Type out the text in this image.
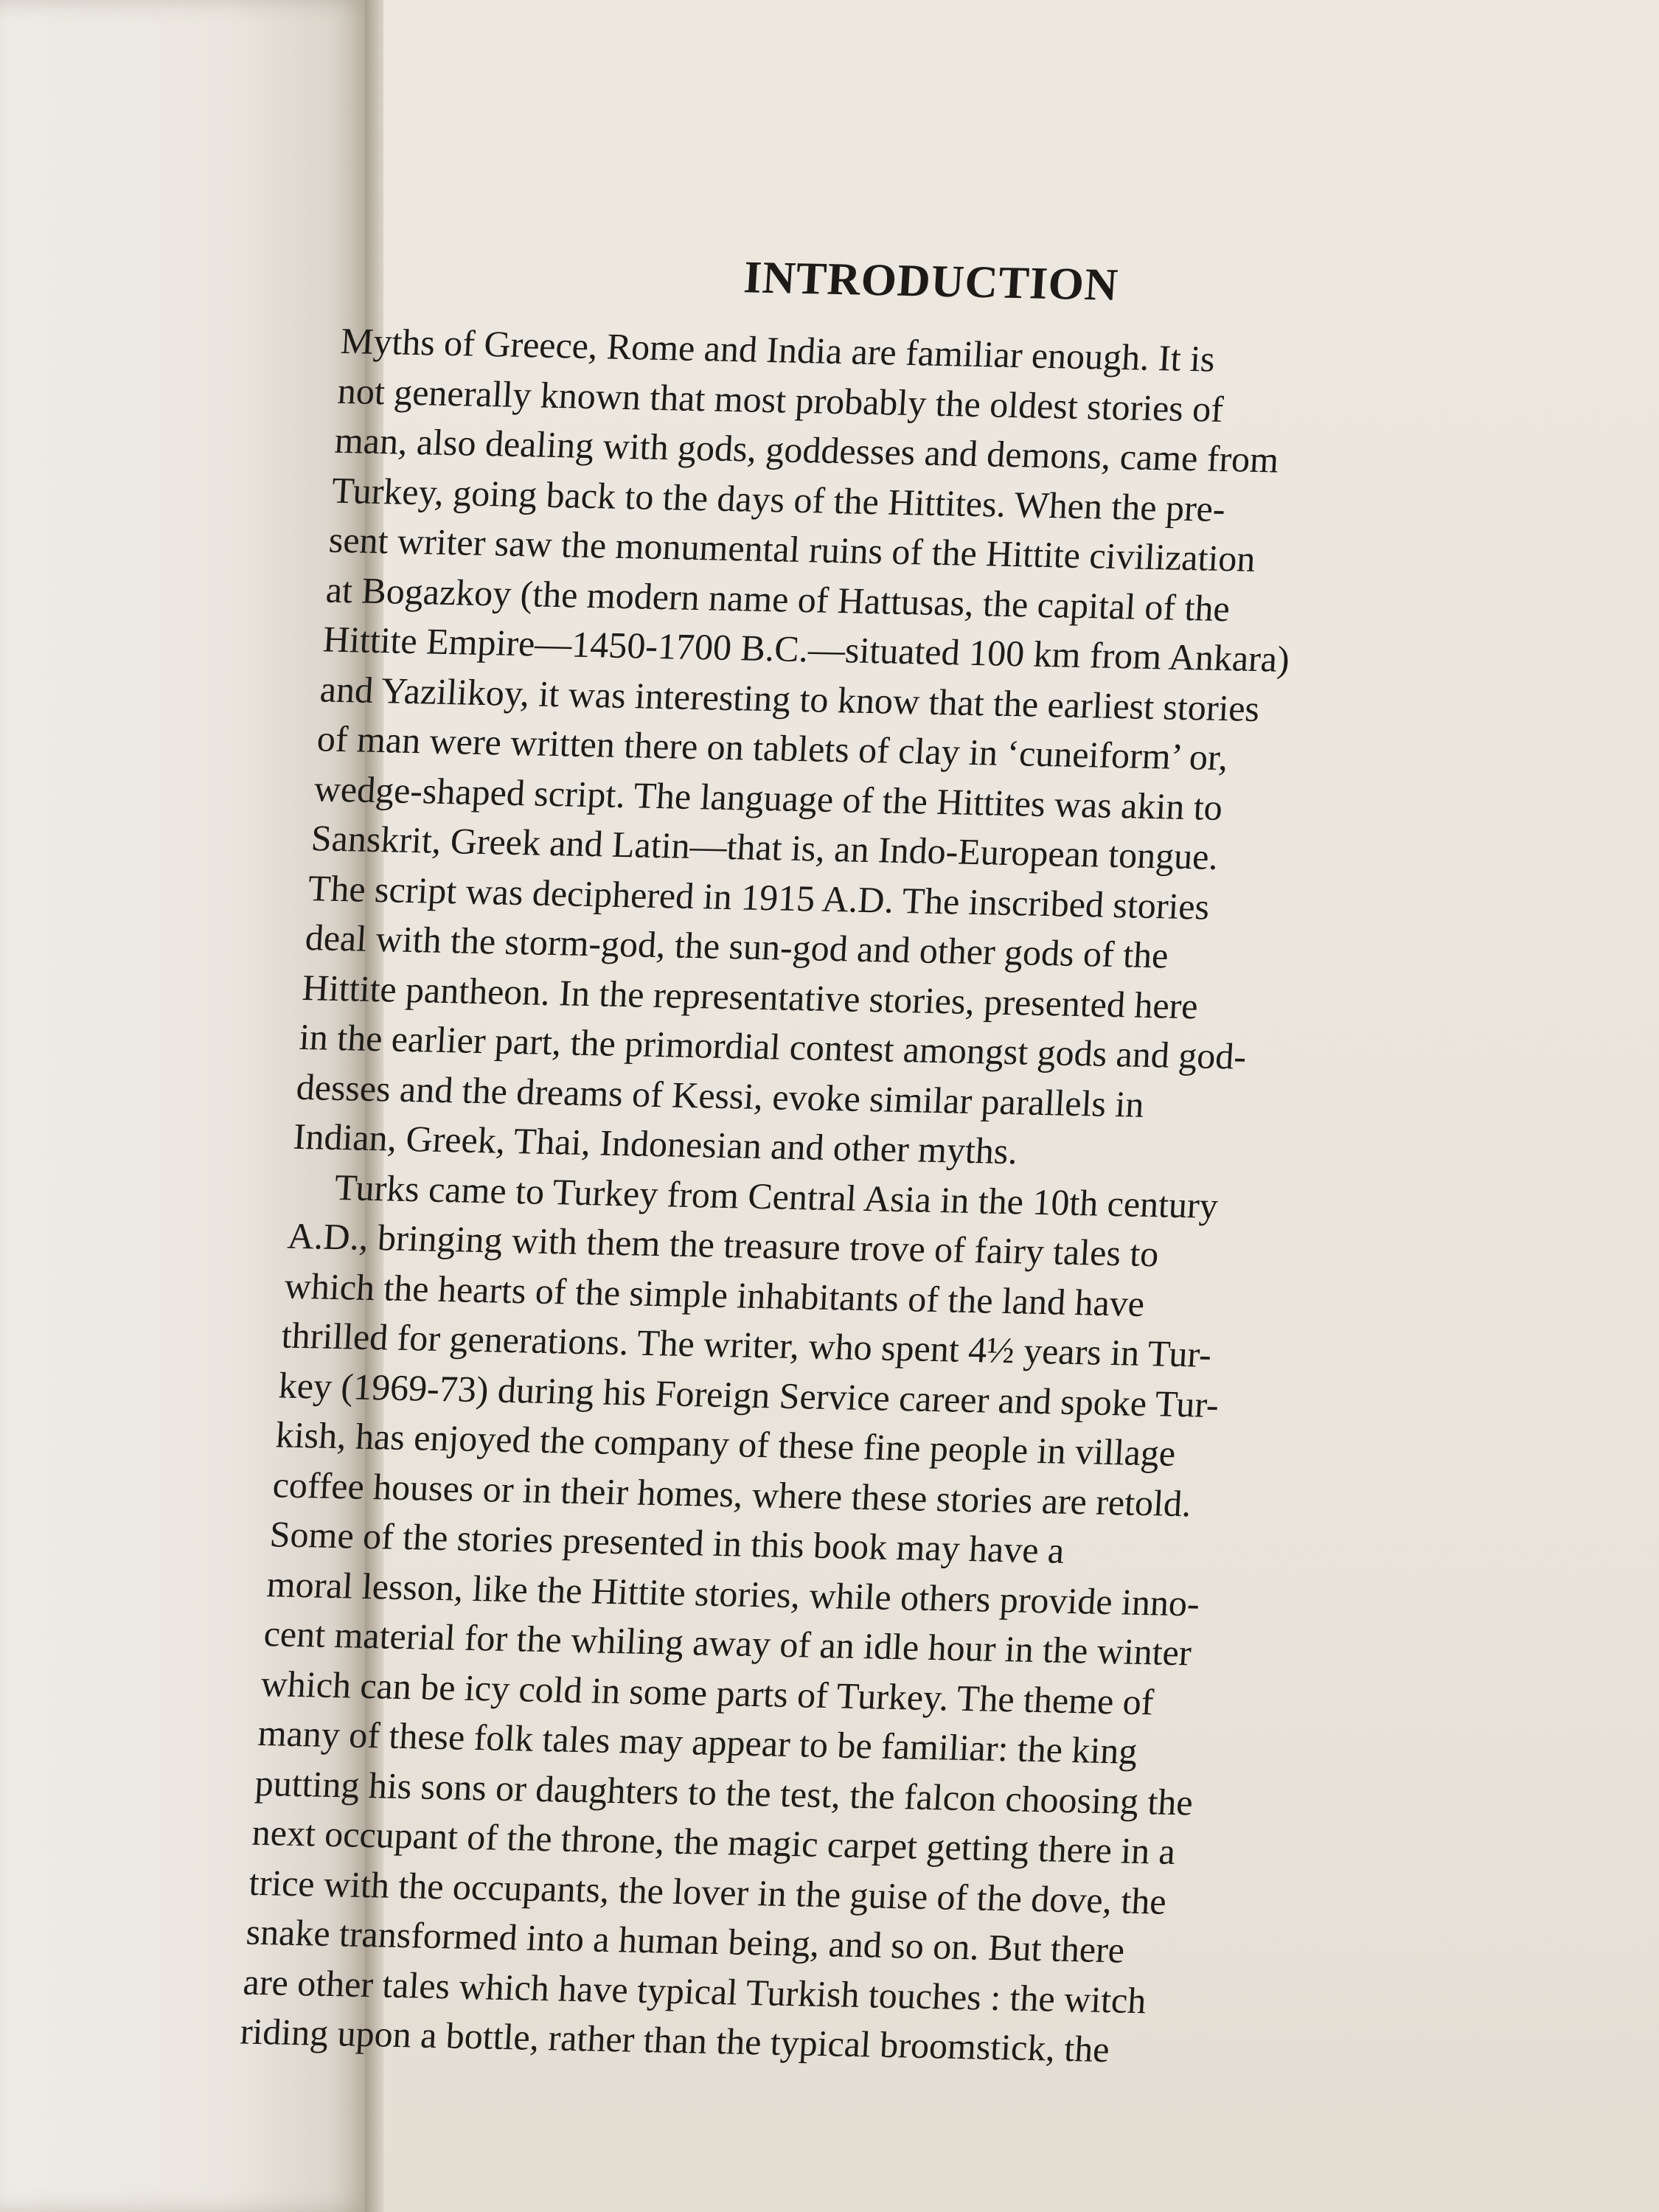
INTRODUCTION

Myths of Greece, Rome and India are familiar enough. It is
not generally known that most probably the oldest stories of
man, also dealing with gods, goddesses and demons, came from
Turkey, going back to the days of the Hittites. When the pre-
sent writer saw the monumental ruins of the Hittite civilization
at Bogazkoy (the modern name of Hattusas, the capital of the
Hittite Empire—1450-1700 B.C.—situated 100 km from Ankara)
and Yazilikoy, it was interesting to know that the earliest stories
of man were written there on tablets of clay in ‘cuneiform’ or,
wedge-shaped script. The language of the Hittites was akin to
Sanskrit, Greek and Latin—that is, an Indo-European tongue.
The script was deciphered in 1915 A.D. The inscribed stories
deal with the storm-god, the sun-god and other gods of the
Hittite pantheon. In the representative stories, presented here
in the earlier part, the primordial contest amongst gods and god-
desses and the dreams of Kessi, evoke similar parallels in
Indian, Greek, Thai, Indonesian and other myths.

Turks came to Turkey from Central Asia in the 10th century
A.D., bringing with them the treasure trove of fairy tales to
which the hearts of the simple inhabitants of the land have
thrilled for generations. The writer, who spent 4½ years in Tur-
key (1969-73) during his Foreign Service career and spoke Tur-
kish, has enjoyed the company of these fine people in village
coffee houses or in their homes, where these stories are retold.
Some of the stories presented in this book may have a
moral lesson, like the Hittite stories, while others provide inno-
cent material for the whiling away of an idle hour in the winter
which can be icy cold in some parts of Turkey. The theme of
many of these folk tales may appear to be familiar: the king
putting his sons or daughters to the test, the falcon choosing the
next occupant of the throne, the magic carpet getting there in a
trice with the occupants, the lover in the guise of the dove, the
snake transformed into a human being, and so on. But there
are other tales which have typical Turkish touches : the witch
riding upon a bottle, rather than the typical broomstick, the
